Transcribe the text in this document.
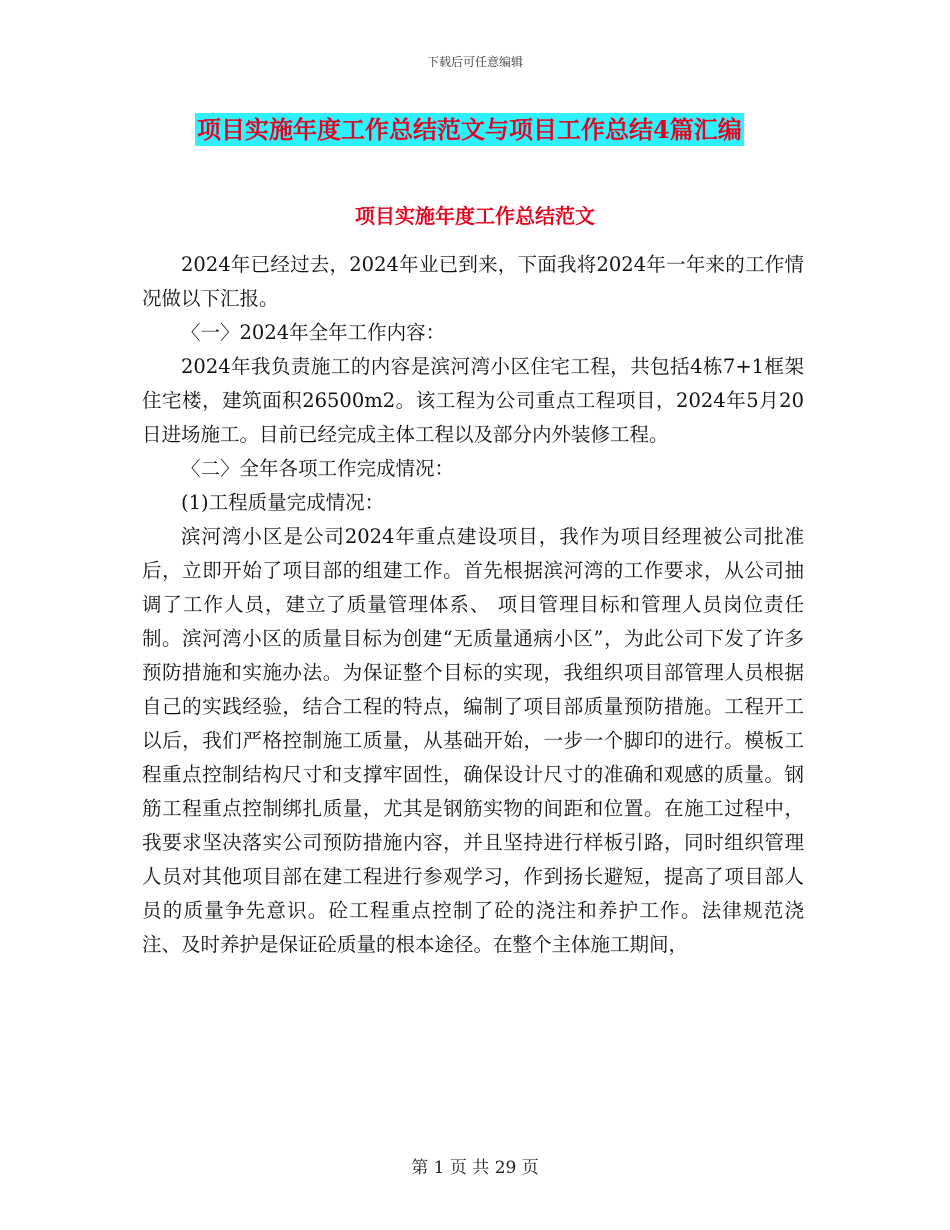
下载后可任意编辑
项目实施年度工作总结范文与项目工作总结4篇汇编
项目实施年度工作总结范文

2024年已经过去，2024年业已到来，下面我将2024年一年来的工作情况做以下汇报。

〈一〉2024年全年工作内容：

2024年我负责施工的内容是滨河湾小区住宅工程，共包括4栋7+1框架住宅楼，建筑面积26500m2。该工程为公司重点工程项目，2024年5月20日进场施工。目前已经完成主体工程以及部分内外装修工程。

〈二〉全年各项工作完成情况：

(1)工程质量完成情况：

滨河湾小区是公司2024年重点建设项目，我作为项目经理被公司批准后，立即开始了项目部的组建工作。首先根据滨河湾的工作要求，从公司抽调了工作人员，建立了质量管理体系、 项目管理目标和管理人员岗位责任制。滨河湾小区的质量目标为创建“无质量通病小区”，为此公司下发了许多预防措施和实施办法。为保证整个目标的实现，我组织项目部管理人员根据自己的实践经验，结合工程的特点，编制了项目部质量预防措施。工程开工以后，我们严格控制施工质量，从基础开始，一步一个脚印的进行。模板工程重点控制结构尺寸和支撑牢固性，确保设计尺寸的准确和观感的质量。钢筋工程重点控制绑扎质量，尤其是钢筋实物的间距和位置。在施工过程中，我要求坚决落实公司预防措施内容，并且坚持进行样板引路，同时组织管理人员对其他项目部在建工程进行参观学习，作到扬长避短，提高了项目部人员的质量争先意识。砼工程重点控制了砼的浇注和养护工作。法律规范浇注、及时养护是保证砼质量的根本途径。在整个主体施工期间，

第 1 页 共 29 页
